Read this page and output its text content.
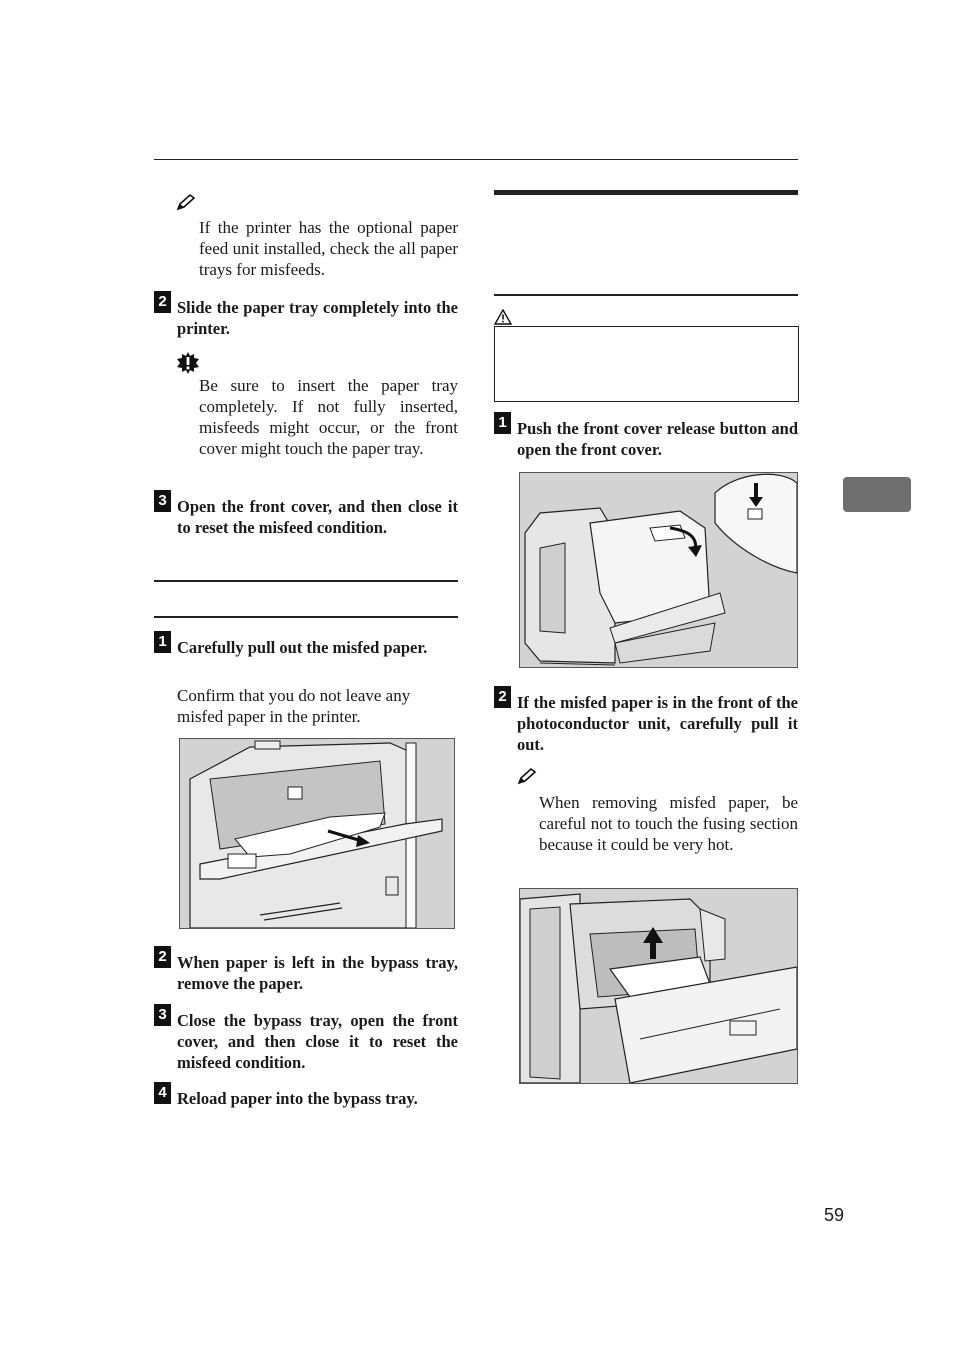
If the printer has the optional paper feed unit installed, check the all paper trays for misfeeds.
2 Slide the paper tray completely into the printer.
Be sure to insert the paper tray completely. If not fully inserted, misfeeds might occur, or the front cover might touch the paper tray.
3 Open the front cover, and then close it to reset the misfeed condition.
1 Carefully pull out the misfed paper.
Confirm that you do not leave any misfed paper in the printer.
2 When paper is left in the bypass tray, remove the paper.
3 Close the bypass tray, open the front cover, and then close it to reset the misfeed condition.
4 Reload paper into the bypass tray.
1 Push the front cover release button and open the front cover.
2 If the misfed paper is in the front of the photoconductor unit, carefully pull it out.
When removing misfed paper, be careful not to touch the fusing section because it could be very hot.
59
